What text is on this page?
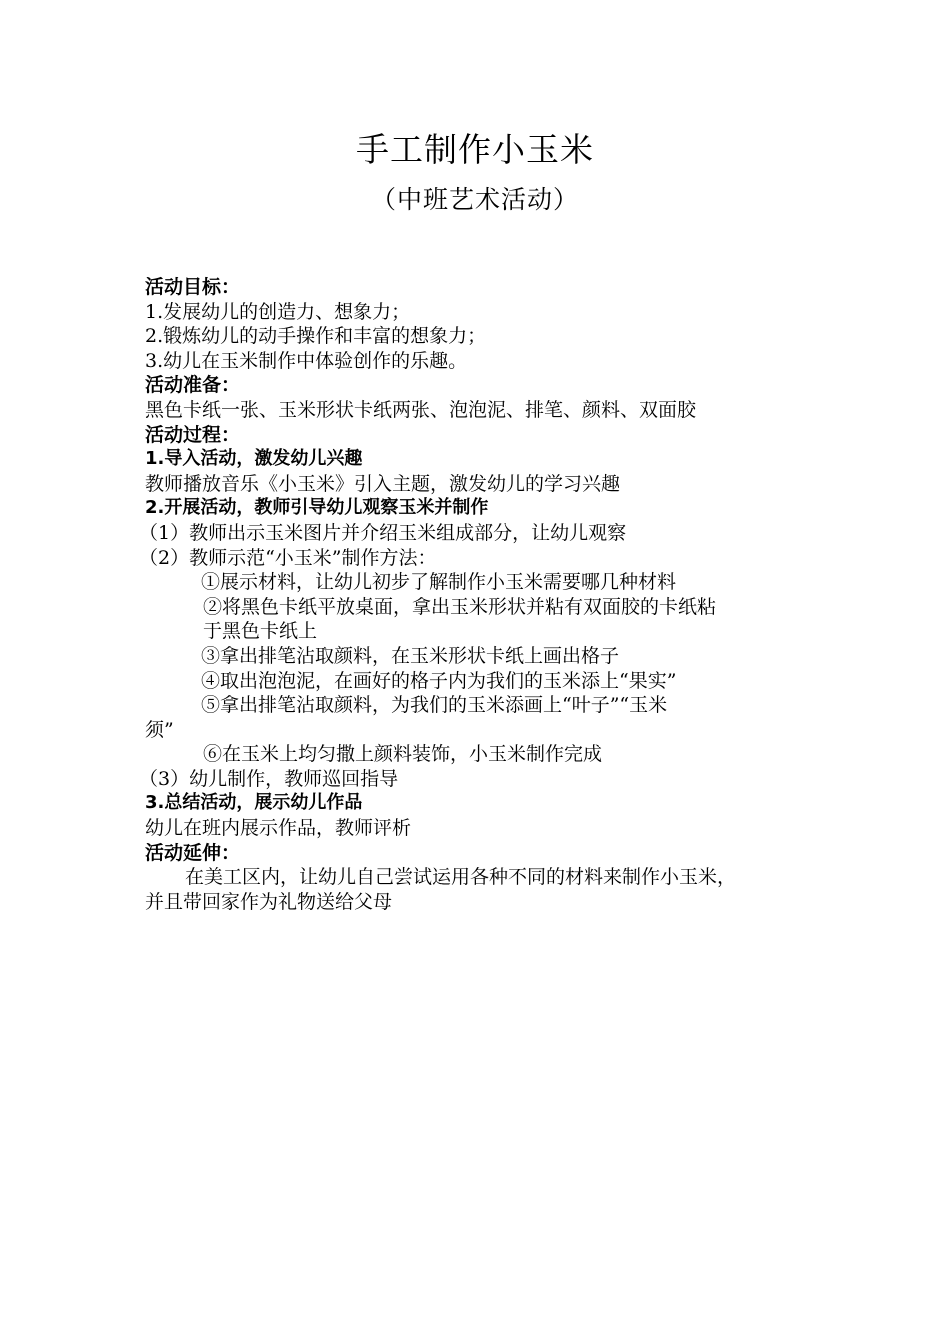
手工制作小玉米
（中班艺术活动）
活动目标：
1.发展幼儿的创造力、想象力；
2.锻炼幼儿的动手操作和丰富的想象力；
3.幼儿在玉米制作中体验创作的乐趣。
活动准备：
黑色卡纸一张、玉米形状卡纸两张、泡泡泥、排笔、颜料、双面胶
活动过程：
1.导入活动，激发幼儿兴趣
教师播放音乐《小玉米》引入主题，激发幼儿的学习兴趣
2.开展活动，教师引导幼儿观察玉米并制作
（1）教师出示玉米图片并介绍玉米组成部分，让幼儿观察
（2）教师示范“小玉米”制作方法：
①展示材料，让幼儿初步了解制作小玉米需要哪几种材料
②将黑色卡纸平放桌面，拿出玉米形状并粘有双面胶的卡纸粘
于黑色卡纸上
③拿出排笔沾取颜料，在玉米形状卡纸上画出格子
④取出泡泡泥，在画好的格子内为我们的玉米添上“果实”
⑤拿出排笔沾取颜料，为我们的玉米添画上“叶子”“玉米
须”
⑥在玉米上均匀撒上颜料装饰，小玉米制作完成
（3）幼儿制作，教师巡回指导
3.总结活动，展示幼儿作品
幼儿在班内展示作品，教师评析
活动延伸：
在美工区内，让幼儿自己尝试运用各种不同的材料来制作小玉米，
并且带回家作为礼物送给父母
